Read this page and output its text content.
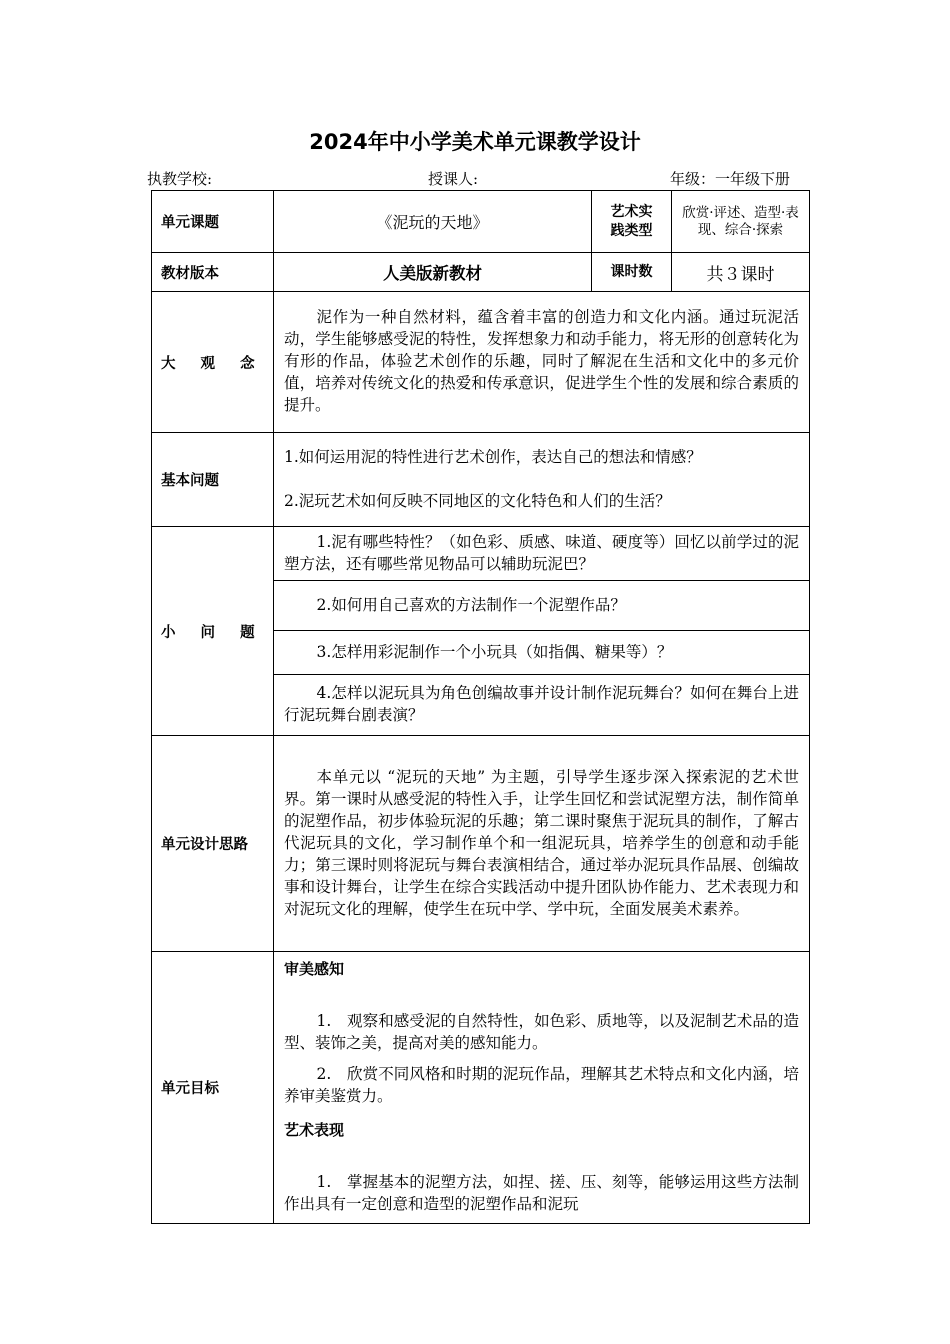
2024年中小学美术单元课教学设计
执教学校:	授课人:	年级：一年级下册
单元课题	《泥玩的天地》	艺术实践类型	欣赏·评述、造型·表现、综合·探索
教材版本	人美版新教材	课时数	共３课时
大 观 念	泥作为一种自然材料，蕴含着丰富的创造力和文化内涵。通过玩泥活动，学生能够感受泥的特性，发挥想象力和动手能力，将无形的创意转化为有形的作品，体验艺术创作的乐趣，同时了解泥在生活和文化中的多元价值，培养对传统文化的热爱和传承意识，促进学生个性的发展和综合素质的提升。		
基本问题	1.如何运用泥的特性进行艺术创作，表达自己的想法和情感？

2.泥玩艺术如何反映不同地区的文化特色和人们的生活？		

小 问 题	1.泥有哪些特性？（如色彩、质感、味道、硬度等）回忆以前学过的泥塑方法，还有哪些常见物品可以辅助玩泥巴？		
	2.如何用自己喜欢的方法制作一个泥塑作品？		
	3.怎样用彩泥制作一个小玩具（如指偶、糖果等）？		
	4.怎样以泥玩具为角色创编故事并设计制作泥玩舞台？如何在舞台上进行泥玩舞台剧表演？		
单元设计思路	本单元以 “泥玩的天地” 为主题，引导学生逐步深入探索泥的艺术世界。第一课时从感受泥的特性入手，让学生回忆和尝试泥塑方法，制作简单的泥塑作品，初步体验玩泥的乐趣；第二课时聚焦于泥玩具的制作，了解古代泥玩具的文化，学习制作单个和一组泥玩具，培养学生的创意和动手能力；第三课时则将泥玩与舞台表演相结合，通过举办泥玩具作品展、创编故事和设计舞台，让学生在综合实践活动中提升团队协作能力、艺术表现力和对泥玩文化的理解，使学生在玩中学、学中玩，全面发展美术素养。		
单元目标	审美感知

1.　观察和感受泥的自然特性，如色彩、质地等，以及泥制艺术品的造型、装饰之美，提高对美的感知能力。

2.　欣赏不同风格和时期的泥玩作品，理解其艺术特点和文化内涵，培养审美鉴赏力。

艺术表现

1.　掌握基本的泥塑方法，如捏、搓、压、刻等，能够运用这些方法制作出具有一定创意和造型的泥塑作品和泥玩		
